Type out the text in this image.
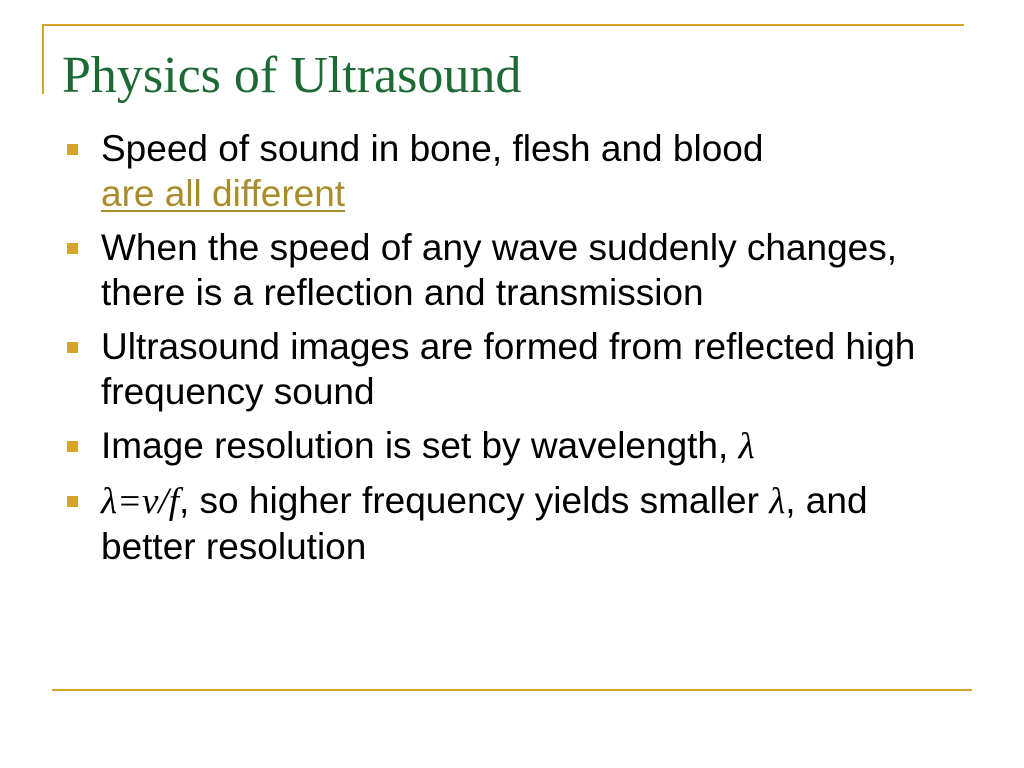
Physics of Ultrasound
Speed of sound in bone, flesh and blood
are all different
When the speed of any wave suddenly changes, there is a reflection and transmission
Ultrasound images are formed from reflected high frequency sound
Image resolution is set by wavelength, λ
λ=v/f, so higher frequency yields smaller λ, and better resolution
